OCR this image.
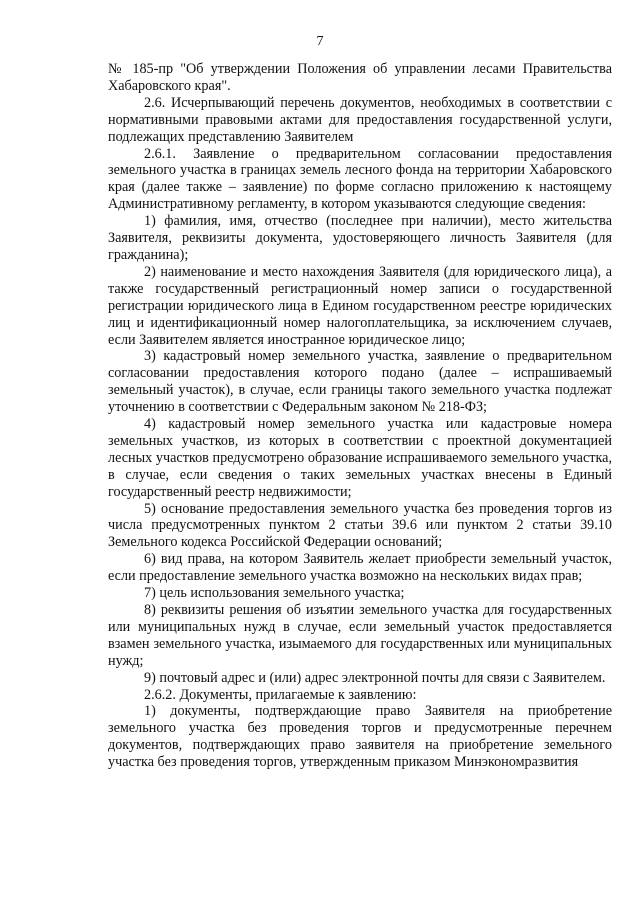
7

№ 185-пр "Об утверждении Положения об управлении лесами Правительства Хабаровского края".

2.6. Исчерпывающий перечень документов, необходимых в соответствии с нормативными правовыми актами для предоставления государственной услуги, подлежащих представлению Заявителем

2.6.1. Заявление о предварительном согласовании предоставления земельного участка в границах земель лесного фонда на территории Хабаровского края (далее также – заявление) по форме согласно приложению к настоящему Административному регламенту, в котором указываются следующие сведения:

1) фамилия, имя, отчество (последнее при наличии), место жительства Заявителя, реквизиты документа, удостоверяющего личность Заявителя (для гражданина);

2) наименование и место нахождения Заявителя (для юридического лица), а также государственный регистрационный номер записи о государственной регистрации юридического лица в Едином государственном реестре юридических лиц и идентификационный номер налогоплательщика, за исключением случаев, если Заявителем является иностранное юридическое лицо;

3) кадастровый номер земельного участка, заявление о предварительном согласовании предоставления которого подано (далее – испрашиваемый земельный участок), в случае, если границы такого земельного участка подлежат уточнению в соответствии с Федеральным законом № 218-ФЗ;

4) кадастровый номер земельного участка или кадастровые номера земельных участков, из которых в соответствии с проектной документацией лесных участков предусмотрено образование испрашиваемого земельного участка, в случае, если сведения о таких земельных участках внесены в Единый государственный реестр недвижимости;

5) основание предоставления земельного участка без проведения торгов из числа предусмотренных пунктом 2 статьи 39.6 или пунктом 2 статьи 39.10 Земельного кодекса Российской Федерации оснований;

6) вид права, на котором Заявитель желает приобрести земельный участок, если предоставление земельного участка возможно на нескольких видах прав;

7) цель использования земельного участка;

8) реквизиты решения об изъятии земельного участка для государственных или муниципальных нужд в случае, если земельный участок предоставляется взамен земельного участка, изымаемого для государственных или муниципальных нужд;

9) почтовый адрес и (или) адрес электронной почты для связи с Заявителем.

2.6.2. Документы, прилагаемые к заявлению:

1) документы, подтверждающие право Заявителя на приобретение земельного участка без проведения торгов и предусмотренные перечнем документов, подтверждающих право заявителя на приобретение земельного участка без проведения торгов, утвержденным приказом Минэкономразвития
